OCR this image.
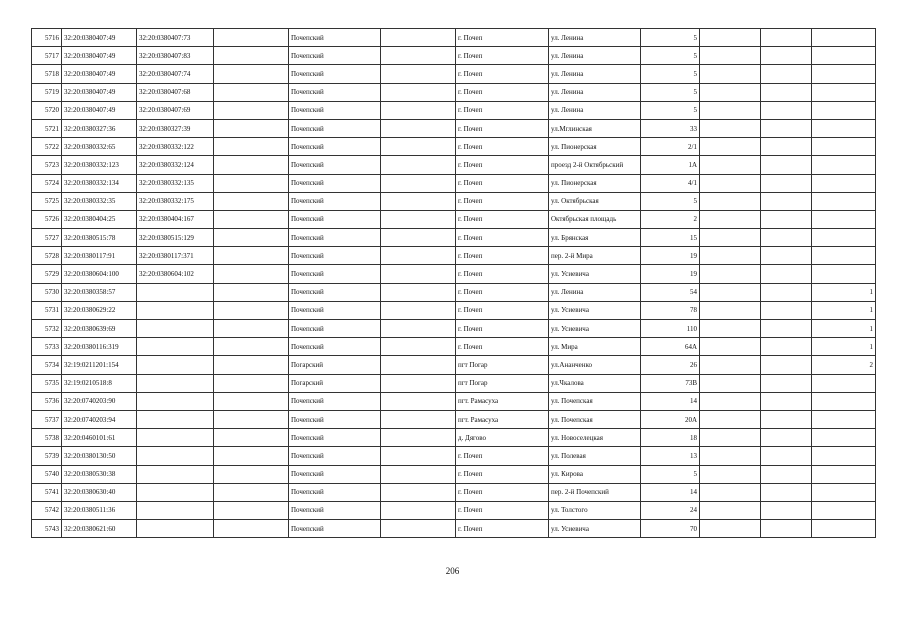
5716	32:20:0380407:49	32:20:0380407:73		Почепский		г. Почеп	ул. Ленина	5			
5717	32:20:0380407:49	32:20:0380407:83		Почепский		г. Почеп	ул. Ленина	5			
5718	32:20:0380407:49	32:20:0380407:74		Почепский		г. Почеп	ул. Ленина	5			
5719	32:20:0380407:49	32:20:0380407:68		Почепский		г. Почеп	ул. Ленина	5			
5720	32:20:0380407:49	32:20:0380407:69		Почепский		г. Почеп	ул. Ленина	5			
5721	32:20:0380327:36	32:20:0380327:39		Почепский		г. Почеп	ул.Мглинская	33			
5722	32:20:0380332:65	32:20:0380332:122		Почепский		г. Почеп	ул. Пионерская	2/1			
5723	32:20:0380332:123	32:20:0380332:124		Почепский		г. Почеп	проезд 2-й Октябрьский	1А			
5724	32:20:0380332:134	32:20:0380332:135		Почепский		г. Почеп	ул. Пионерская	4/1			
5725	32:20:0380332:35	32:20:0380332:175		Почепский		г. Почеп	ул. Октябрьская	5			
5726	32:20:0380404:25	32:20:0380404:167		Почепский		г. Почеп	Октябрьская площадь	2			
5727	32:20:0380515:78	32:20:0380515:129		Почепский		г. Почеп	ул. Брянская	15			
5728	32:20:0380117:91	32:20:0380117:371		Почепский		г. Почеп	пер. 2-й Мира	19			
5729	32:20:0380604:100	32:20:0380604:102		Почепский		г. Почеп	ул. Усиевича	19			
5730	32:20:0380358:57			Почепский		г. Почеп	ул. Ленина	54			1
5731	32:20:0380629:22			Почепский		г. Почеп	ул. Усиевича	78			1
5732	32:20:0380639:69			Почепский		г. Почеп	ул. Усиевича	110			1
5733	32:20:0380116:319			Почепский		г. Почеп	ул. Мира	64А			1
5734	32:19:0211201:154			Погарский		пгт Погар	ул.Ананченко	26			2
5735	32:19:0210518:8			Погарский		пгт Погар	ул.Чкалова	73В			
5736	32:20:0740203:90			Почепский		пгт. Рамасуха	ул. Почепская	14			
5737	32:20:0740203:94			Почепский		пгт. Рамасуха	ул. Почепская	20А			
5738	32:20:0460101:61			Почепский		д. Дягово	ул. Новоселецкая	18			
5739	32:20:0380130:50			Почепский		г. Почеп	ул. Полевая	13			
5740	32:20:0380530:38			Почепский		г. Почеп	ул. Кирова	5			
5741	32:20:0380630:40			Почепский		г. Почеп	пер. 2-й Почепский	14			
5742	32:20:0380511:36			Почепский		г. Почеп	ул. Толстого	24			
5743	32:20:0380621:60			Почепский		г. Почеп	ул. Усиевича	70			
206
